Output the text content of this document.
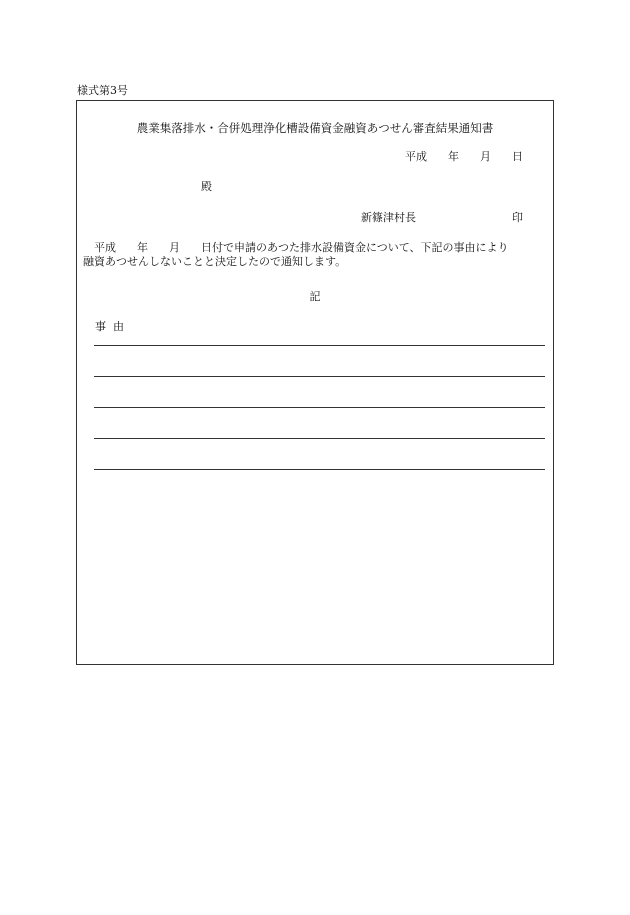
様式第3号
農業集落排水・合併処理浄化槽設備資金融資あつせん審査結果通知書
平成 年 月 日
殿
新篠津村長	印
平成 年 月 日付で申請のあつた排水設備資金について、下記の事由により
融資あつせんしないことと決定したので通知します。
記
事由
